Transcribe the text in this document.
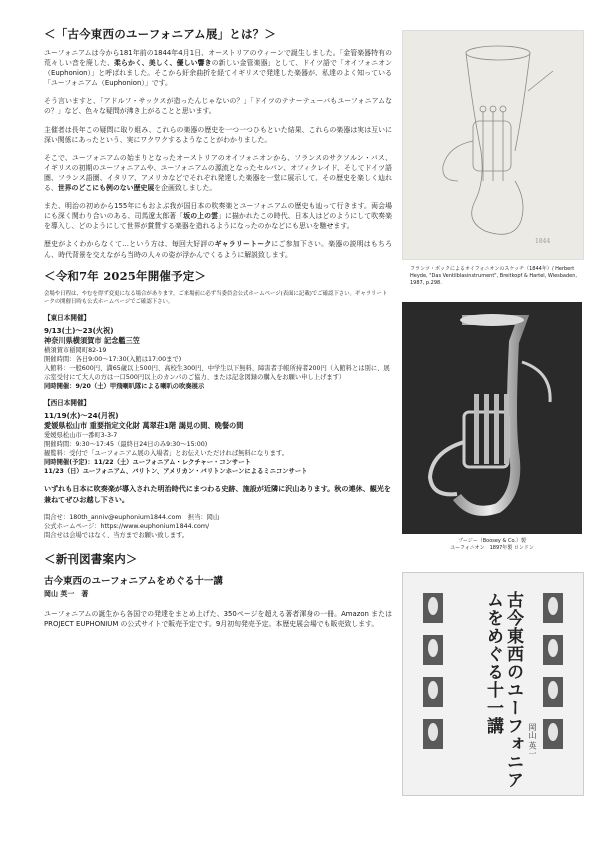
＜「古今東西のユーフォニアム展」とは？＞

ユーフォニアムは今から181年前の1844年4月1日、オーストリアのウィーンで誕生しました。「金管楽器特有の荒々しい音を廃した、柔らかく、美しく、優しい響きの新しい金管楽器」として、ドイツ語で「オイフォニオン（Euphonion）」と呼ばれました。そこから紆余曲折を経てイギリスで発達した楽器が、私達のよく知っている「ユーフォニアム（Euphonion）」です。

そう言いますと、「アドルフ・サックスが造ったんじゃないの？」「ドイツのテナーテューバもユーフォニアムなの？」など、色々な疑問が沸き上がることと思います。

主催者は長年この疑問に取り組み、これらの楽器の歴史を一つ一つひもといた結果、これらの楽器は実は互いに深い関係にあったという、実にワクワクするようなことがわかりました。

そこで、ユーフォニアムの始まりとなったオーストリアのオイフォニオンから、フランスのサクソルン・バス、イギリスの初期のユーフォニアムや、ユーフォニアムの源流となったセルパン、オフィクレイド、そしてドイツ語圏、フランス語圏、イタリア、アメリカなどでそれぞれ発達した楽器を一堂に展示して、その歴史を楽しく辿れる、世界のどこにも例のない歴史展を企画致しました。

また、明治の初めから155年にもおよぶ我が国日本の吹奏楽とユーフォニアムの歴史も辿って行きます。両会場にも深く関わり合いのある、司馬遼太郎著「坂の上の雲」に描かれたこの時代、日本人はどのようにして吹奏楽を導入し、どのようにして世界が賞賛する楽器を造れるようになったのかなどにも思いを馳せます。

歴史がよくわからなくて…という方は、毎回大好評のギャラリートークにご参加下さい。楽器の説明はもちろん、時代背景を交えながら当時の人々の姿が浮かんでくるように解説致します。

＜令和7年 2025年開催予定＞

会場や日程は、やむを得ず変更になる場合があります。ご来場前に必ず当委員会公式ホームページ(表面に記載)でご確認下さい。ギャラリートークの開催日時も公式ホームページでご確認下さい。

【東日本開催】
9/13(土)〜23(火祝)
神奈川県横須賀市 記念艦三笠
横須賀市稲岡町82-19
開催時間：各日9:00〜17:30(入館は17:00まで)
入館料：一般600円、満65歳以上500円、高校生300円、中学生以下無料、障害者手帳所持者200円（入館料とは別に、展示室受付にて大人の方は一口500円以上のカンパのご協力、または記念図録の購入をお願い申し上げます）
同時開催：9/20（土）甲飛喇叭隊による喇叭の吹奏展示
【西日本開催】
11/19(水)〜24(月祝)
愛媛県松山市 重要指定文化財 萬翠荘1階 謁見の間、晩餐の間
愛媛県松山市一番町3-3-7
開催時間：9:30〜17:45（最終日24日のみ9:30〜15:00)
観覧料：受付で「ユーフォニアム展の入場者」とお伝えいただければ無料になります。
同時開催(予定)：11/22（土）ユーフォニアム・レクチャー・コンサート
11/23（日）ユーフォニアム、バリトン、アメリカン・バリトンホーンによるミニコンサート
いずれも日本に吹奏楽が導入された明治時代にまつわる史跡、施設が近隣に沢山あります。秋の連休、観光を兼ねてぜひお越し下さい。
問合せ：180th_anniv@euphonium1844.com　担当：岡山
公式ホームページ：https://www.euphonium1844.com/
問合せは会場ではなく、当方までお願い致します。
＜新刊図書案内＞
古今東西のユーフォニアムをめぐる十一講
岡山 英一　著

ユーフォニアムの誕生から各国での発達をまとめ上げた、350ページを超える著者渾身の一冊。Amazon または PROJECT EUPHONIUM の公式サイトで販売予定です。9月初旬発売予定。本歴史展会場でも販売致します。

1844
フランツ・ボックによるオイフォニオンのスケッチ（1844年）/ Herbert Heyde, "Das Ventilblasinstrument", Breitkopf & Hartel, Wiesbaden, 1987, p.298.
ブージー（Boosey & Co.）製
ユーフォニオン　1897年製 ロンドン
古今東西のユーフォニアムをめぐる十一講
岡山 英一
